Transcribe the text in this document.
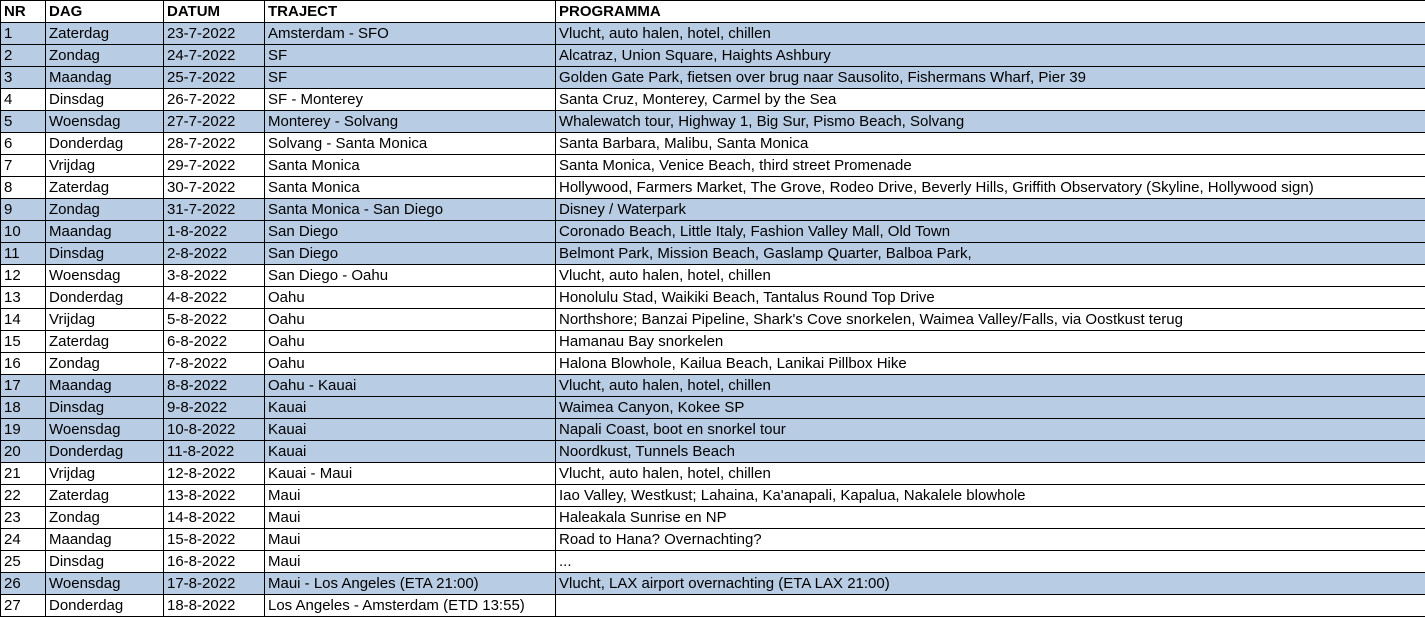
NR	DAG	DATUM	TRAJECT	PROGRAMMA
1	Zaterdag	23-7-2022	Amsterdam - SFO	Vlucht, auto halen, hotel, chillen
2	Zondag	24-7-2022	SF	Alcatraz, Union Square, Haights Ashbury
3	Maandag	25-7-2022	SF	Golden Gate Park, fietsen over brug naar Sausolito, Fishermans Wharf, Pier 39
4	Dinsdag	26-7-2022	SF - Monterey	Santa Cruz, Monterey, Carmel by the Sea
5	Woensdag	27-7-2022	Monterey - Solvang	Whalewatch tour, Highway 1, Big Sur, Pismo Beach, Solvang
6	Donderdag	28-7-2022	Solvang - Santa Monica	Santa Barbara, Malibu, Santa Monica
7	Vrijdag	29-7-2022	Santa Monica	Santa Monica, Venice Beach, third street Promenade
8	Zaterdag	30-7-2022	Santa Monica	Hollywood, Farmers Market, The Grove, Rodeo Drive, Beverly Hills, Griffith Observatory (Skyline, Hollywood sign)
9	Zondag	31-7-2022	Santa Monica - San Diego	Disney / Waterpark
10	Maandag	1-8-2022	San Diego	Coronado Beach, Little Italy, Fashion Valley Mall, Old Town
11	Dinsdag	2-8-2022	San Diego	Belmont Park, Mission Beach, Gaslamp Quarter, Balboa Park,
12	Woensdag	3-8-2022	San Diego - Oahu	Vlucht, auto halen, hotel, chillen
13	Donderdag	4-8-2022	Oahu	Honolulu Stad, Waikiki Beach, Tantalus Round Top Drive
14	Vrijdag	5-8-2022	Oahu	Northshore; Banzai Pipeline, Shark's Cove snorkelen, Waimea Valley/Falls, via Oostkust terug
15	Zaterdag	6-8-2022	Oahu	Hamanau Bay snorkelen
16	Zondag	7-8-2022	Oahu	Halona Blowhole, Kailua Beach, Lanikai Pillbox Hike
17	Maandag	8-8-2022	Oahu - Kauai	Vlucht, auto halen, hotel, chillen
18	Dinsdag	9-8-2022	Kauai	Waimea Canyon, Kokee SP
19	Woensdag	10-8-2022	Kauai	Napali Coast, boot en snorkel tour
20	Donderdag	11-8-2022	Kauai	Noordkust, Tunnels Beach
21	Vrijdag	12-8-2022	Kauai - Maui	Vlucht, auto halen, hotel, chillen
22	Zaterdag	13-8-2022	Maui	Iao Valley, Westkust; Lahaina, Ka'anapali, Kapalua, Nakalele blowhole
23	Zondag	14-8-2022	Maui	Haleakala Sunrise en NP
24	Maandag	15-8-2022	Maui	Road to Hana? Overnachting?
25	Dinsdag	16-8-2022	Maui	...
26	Woensdag	17-8-2022	Maui - Los Angeles (ETA 21:00)	Vlucht, LAX airport overnachting (ETA LAX 21:00)
27	Donderdag	18-8-2022	Los Angeles - Amsterdam (ETD 13:55)	
